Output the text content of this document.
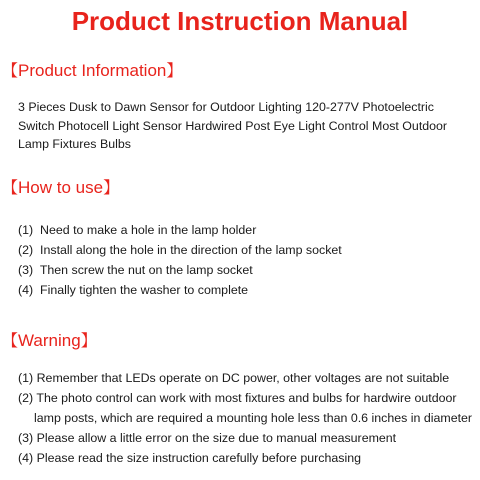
Product Instruction Manual
【Product Information】
3 Pieces Dusk to Dawn Sensor for Outdoor Lighting 120-277V Photoelectric Switch Photocell Light Sensor Hardwired Post Eye Light Control Most Outdoor Lamp Fixtures Bulbs
【How to use】
(1) Need to make a hole in the lamp holder
(2) Install along the hole in the direction of the lamp socket
(3) Then screw the nut on the lamp socket
(4) Finally tighten the washer to complete
【Warning】
(1) Remember that LEDs operate on DC power, other voltages are not suitable
(2) The photo control can work with most fixtures and bulbs for hardwire outdoor
lamp posts, which are required a mounting hole less than 0.6 inches in diameter
(3) Please allow a little error on the size due to manual measurement
(4) Please read the size instruction carefully before purchasing
